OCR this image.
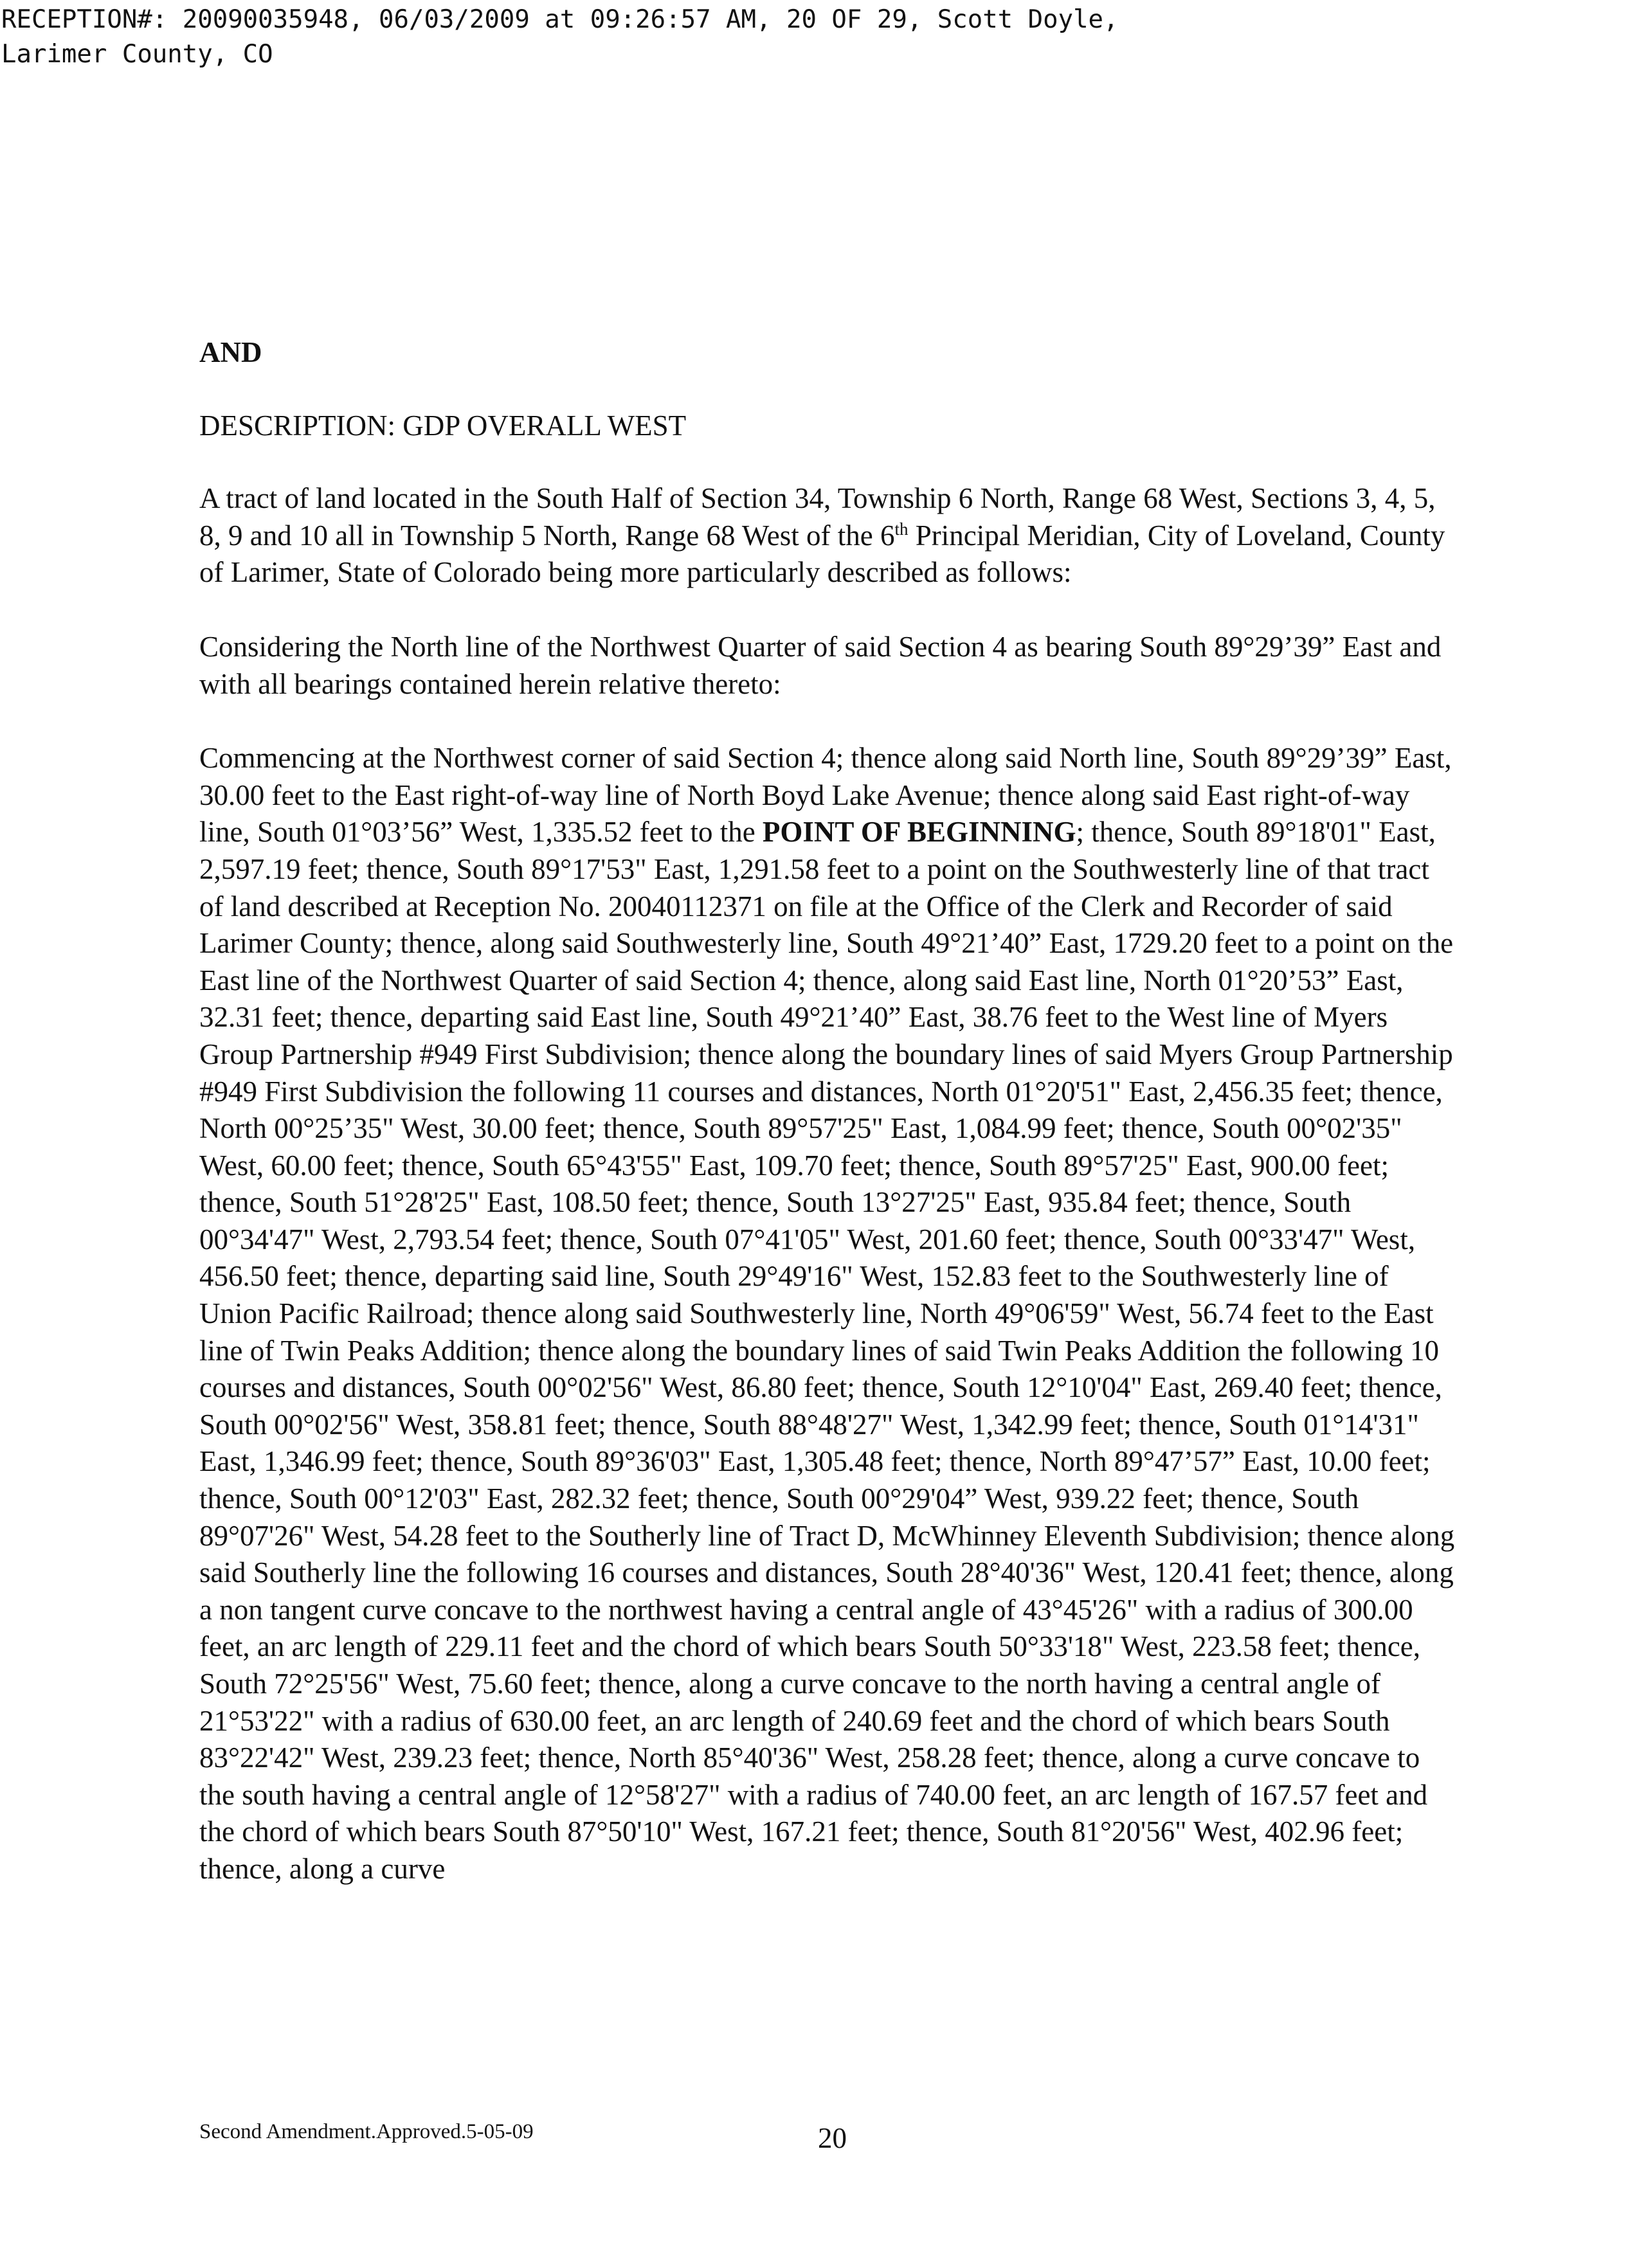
RECEPTION#: 20090035948, 06/03/2009 at 09:26:57 AM, 20 OF 29, Scott Doyle,
Larimer County, CO
AND
DESCRIPTION: GDP OVERALL WEST

A tract of land located in the South Half of Section 34, Township 6 North, Range 68 West, Sections 3, 4, 5, 8, 9 and 10 all in Township 5 North, Range 68 West of the 6th Principal Meridian, City of Loveland, County of Larimer, State of Colorado being more particularly described as follows:

Considering the North line of the Northwest Quarter of said Section 4 as bearing South 89°29’39” East and with all bearings contained herein relative thereto:

Commencing at the Northwest corner of said Section 4; thence along said North line, South 89°29’39” East, 30.00 feet to the East right-of-way line of North Boyd Lake Avenue; thence along said East right-of-way line, South 01°03’56” West, 1,335.52 feet to the POINT OF BEGINNING; thence, South 89°18'01" East, 2,597.19 feet; thence, South 89°17'53" East, 1,291.58 feet to a point on the Southwesterly line of that tract of land described at Reception No. 20040112371 on file at the Office of the Clerk and Recorder of said Larimer County; thence, along said Southwesterly line, South 49°21’40” East, 1729.20 feet to a point on the East line of the Northwest Quarter of said Section 4; thence, along said East line, North 01°20’53” East, 32.31 feet; thence, departing said East line, South 49°21’40” East, 38.76 feet to the West line of Myers Group Partnership #949 First Subdivision; thence along the boundary lines of said Myers Group Partnership #949 First Subdivision the following 11 courses and distances, North 01°20'51" East, 2,456.35 feet; thence, North 00°25’35" West, 30.00 feet; thence, South 89°57'25" East, 1,084.99 feet; thence, South 00°02'35" West, 60.00 feet; thence, South 65°43'55" East, 109.70 feet; thence, South 89°57'25" East, 900.00 feet; thence, South 51°28'25" East, 108.50 feet; thence, South 13°27'25" East, 935.84 feet; thence, South 00°34'47" West, 2,793.54 feet; thence, South 07°41'05" West, 201.60 feet; thence, South 00°33'47" West, 456.50 feet; thence, departing said line, South 29°49'16" West, 152.83 feet to the Southwesterly line of Union Pacific Railroad; thence along said Southwesterly line, North 49°06'59" West, 56.74 feet to the East line of Twin Peaks Addition; thence along the boundary lines of said Twin Peaks Addition the following 10 courses and distances, South 00°02'56" West, 86.80 feet; thence, South 12°10'04" East, 269.40 feet; thence, South 00°02'56" West, 358.81 feet; thence, South 88°48'27" West, 1,342.99 feet; thence, South 01°14'31" East, 1,346.99 feet; thence, South 89°36'03" East, 1,305.48 feet; thence, North 89°47’57” East, 10.00 feet; thence, South 00°12'03" East, 282.32 feet; thence, South 00°29'04” West, 939.22 feet; thence, South 89°07'26" West, 54.28 feet to the Southerly line of Tract D, McWhinney Eleventh Subdivision; thence along said Southerly line the following 16 courses and distances, South 28°40'36" West, 120.41 feet; thence, along a non tangent curve concave to the northwest having a central angle of 43°45'26" with a radius of 300.00 feet, an arc length of 229.11 feet and the chord of which bears South 50°33'18" West, 223.58 feet; thence, South 72°25'56" West, 75.60 feet; thence, along a curve concave to the north having a central angle of 21°53'22" with a radius of 630.00 feet, an arc length of 240.69 feet and the chord of which bears South 83°22'42" West, 239.23 feet; thence, North 85°40'36" West, 258.28 feet; thence, along a curve concave to the south having a central angle of 12°58'27" with a radius of 740.00 feet, an arc length of 167.57 feet and the chord of which bears South 87°50'10" West, 167.21 feet; thence, South 81°20'56" West, 402.96 feet; thence, along a curve

Second Amendment.Approved.5-05-09	20
